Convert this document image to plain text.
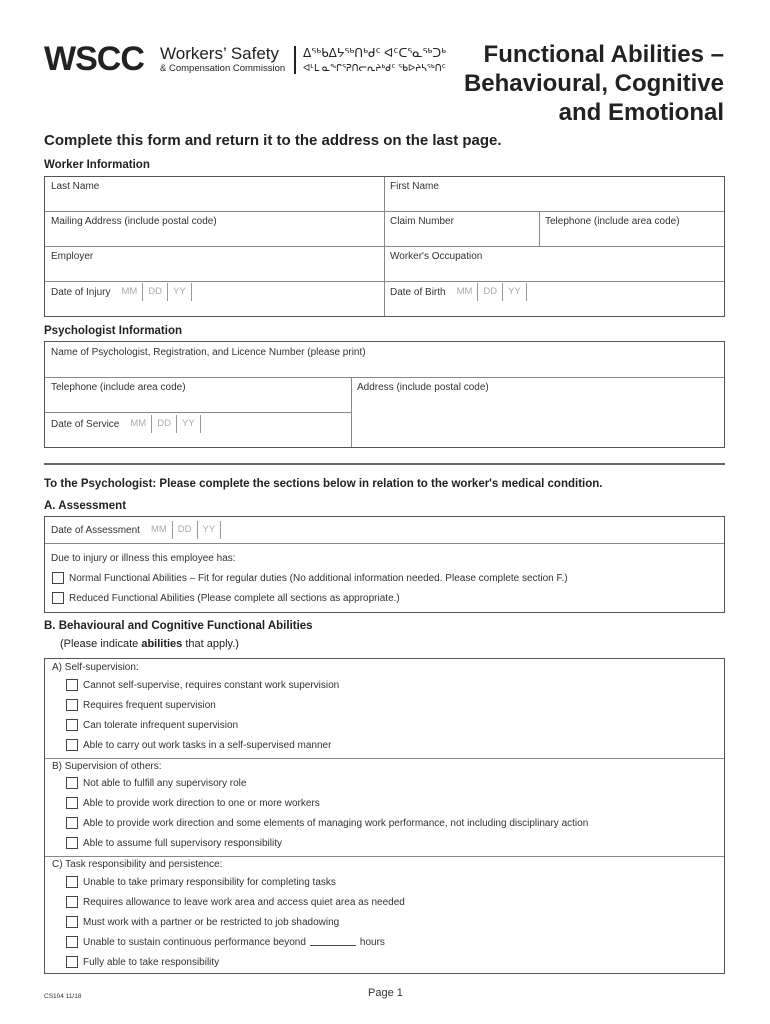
WSCC Workers’ Safety
& Compensation Commission
ᐃᖅᑲᐃᔭᖅᑎᒃᑯᑦ ᐊᑦᑕᕐᓇᖅᑐᒃ
ᐊᒻᒪ ᓇᖏᕐᕈᑎᓕᕆᔨᒃᑯᑦ ᖃᐅᔨᓴᖅᑎᑦ
Functional Abilities –
Behavioural, Cognitive
and Emotional
Complete this form and return it to the address on the last page.
Worker Information
Last Name	First Name
Mailing Address (include postal code)	Claim Number	Telephone (include area code)
Employer	Worker's Occupation
Date of Injury	MM	DD	YY	Date of Birth	MM	DD	YY
Psychologist Information
Name of Psychologist, Registration, and Licence Number (please print)
Telephone (include area code)	Address (include postal code)
Date of Service	MM	DD	YY
To the Psychologist: Please complete the sections below in relation to the worker's medical condition.
A. Assessment
Date of Assessment	MM	DD	YY
Due to injury or illness this employee has:
Normal Functional Abilities – Fit for regular duties (No additional information needed. Please complete section F.)
Reduced Functional Abilities (Please complete all sections as appropriate.)
B. Behavioural and Cognitive Functional Abilities
(Please indicate abilities that apply.)
A) Self-supervision:
Cannot self-supervise, requires constant work supervision
Requires frequent supervision
Can tolerate infrequent supervision
Able to carry out work tasks in a self-supervised manner
B) Supervision of others:
Not able to fulfill any supervisory role
Able to provide work direction to one or more workers
Able to provide work direction and some elements of managing work performance, not including disciplinary action
Able to assume full supervisory responsibility
C) Task responsibility and persistence:
Unable to take primary responsibility for completing tasks
Requires allowance to leave work area and access quiet area as needed
Must work with a partner or be restricted to job shadowing
Unable to sustain continuous performance beyond	hours
Fully able to take responsibility
CS104 11/18	Page 1
